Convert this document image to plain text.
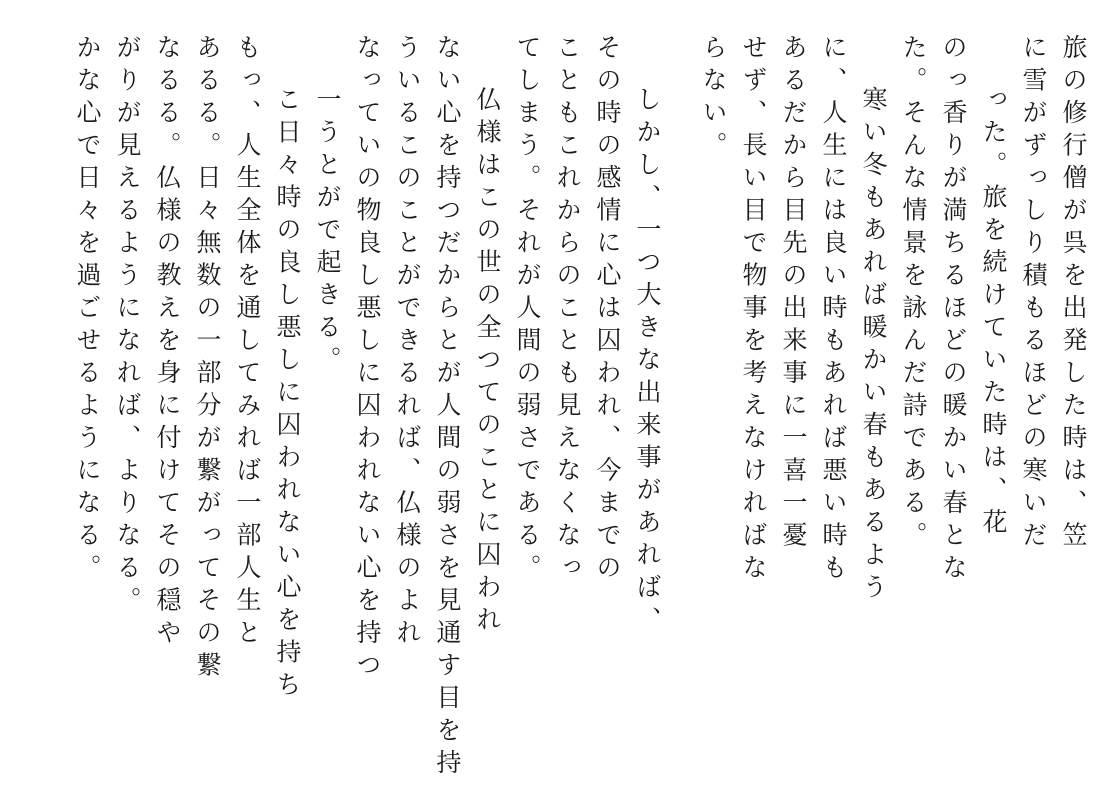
旅の修行僧が呉を出発した時は、笠
に雪がずっしり積もるほどの寒いだ
った。旅を続けていた時は、花
のっ香りが満ちるほどの暖かい春とな
た。そんな情景を詠んだ詩である。
寒い冬もあれば暖かい春もあるよう
に、人生には良い時もあれば悪い時も
あるだから目先の出来事に一喜一憂
せず、長い目で物事を考えなければな
らない。
しかし、一つ大きな出来事があれば、
その時の感情に心は囚われ、今までの
こともこれからのことも見えなくなっ
てしまう。それが人間の弱さである。
仏様はこの世の全つてのことに囚われ
ない心を持つだからとが人間の弱さを見通す目を持
ういるこのことができるれば、仏様のよれ
なっていの物良し悪しに囚われない心を持つ
一うとがで起きる。
こ日々時の良し悪しに囚われない心を持ち
もっ、人生全体を通してみれば一部人生と
あるる。日々無数の一部分が繋がってその繋
なるる。仏様の教えを身に付けてその穏や
がりが見えるようになれば、よりなる。
かな心で日々を過ごせるようになる。
